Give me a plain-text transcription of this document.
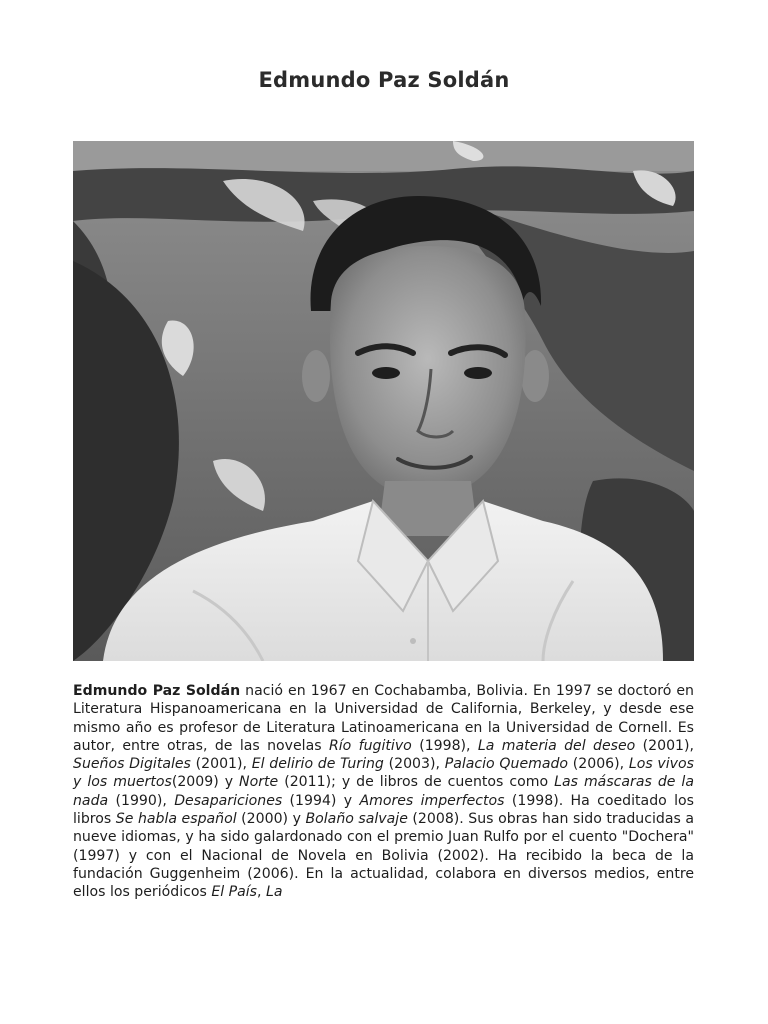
Edmundo Paz Soldán
Edmundo Paz Soldán nació en 1967 en Cochabamba, Bolivia. En 1997 se doctoró en Literatura Hispanoamericana en la Universidad de California, Berkeley, y desde ese mismo año es profesor de Literatura Latinoamericana en la Universidad de Cornell. Es autor, entre otras, de las novelas Río fugitivo (1998), La materia del deseo (2001), Sueños Digitales (2001), El delirio de Turing (2003), Palacio Quemado (2006), Los vivos y los muertos(2009) y Norte (2011); y de libros de cuentos como Las máscaras de la nada (1990), Desapariciones (1994) y Amores imperfectos (1998). Ha coeditado los libros Se habla español (2000) y Bolaño salvaje (2008). Sus obras han sido traducidas a nueve idiomas, y ha sido galardonado con el premio Juan Rulfo por el cuento "Dochera" (1997) y con el Nacional de Novela en Bolivia (2002). Ha recibido la beca de la fundación Guggenheim (2006). En la actualidad, colabora en diversos medios, entre ellos los periódicos El País, La
